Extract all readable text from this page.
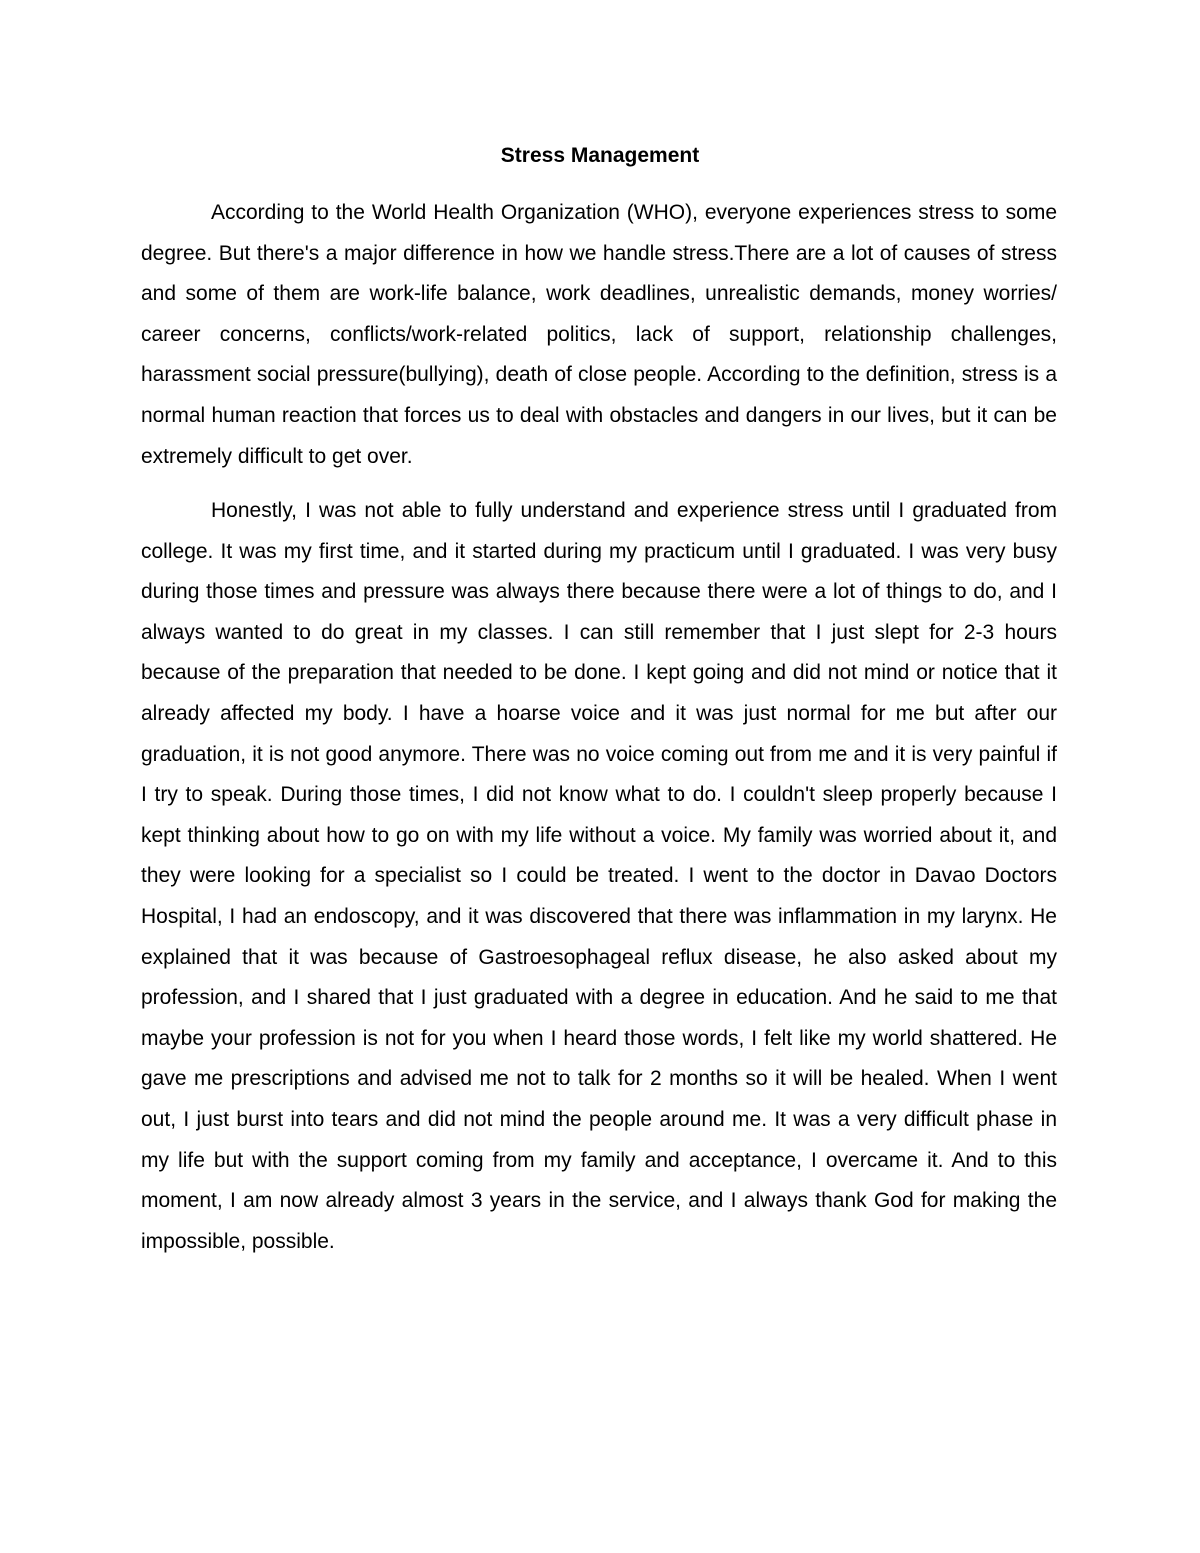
Stress Management

According to the World Health Organization (WHO), everyone experiences stress to some degree. But there's a major difference in how we handle stress.There are a lot of causes of stress and some of them are work-life balance, work deadlines, unrealistic demands, money worries/ career concerns, conflicts/work-related politics, lack of support, relationship challenges, harassment social pressure(bullying), death of close people. According to the definition, stress is a normal human reaction that forces us to deal with obstacles and dangers in our lives, but it can be extremely difficult to get over.

Honestly, I was not able to fully understand and experience stress until I graduated from college. It was my first time, and it started during my practicum until I graduated. I was very busy during those times and pressure was always there because there were a lot of things to do, and I always wanted to do great in my classes. I can still remember that I just slept for 2-3 hours because of the preparation that needed to be done. I kept going and did not mind or notice that it already affected my body. I have a hoarse voice and it was just normal for me but after our graduation, it is not good anymore. There was no voice coming out from me and it is very painful if I try to speak. During those times, I did not know what to do. I couldn't sleep properly because I kept thinking about how to go on with my life without a voice. My family was worried about it, and they were looking for a specialist so I could be treated. I went to the doctor in Davao Doctors Hospital, I had an endoscopy, and it was discovered that there was inflammation in my larynx. He explained that it was because of Gastroesophageal reflux disease, he also asked about my profession, and I shared that I just graduated with a degree in education. And he said to me that maybe your profession is not for you when I heard those words, I felt like my world shattered. He gave me prescriptions and advised me not to talk for 2 months so it will be healed. When I went out, I just burst into tears and did not mind the people around me. It was a very difficult phase in my life but with the support coming from my family and acceptance, I overcame it. And to this moment, I am now already almost 3 years in the service, and I always thank God for making the impossible, possible.
